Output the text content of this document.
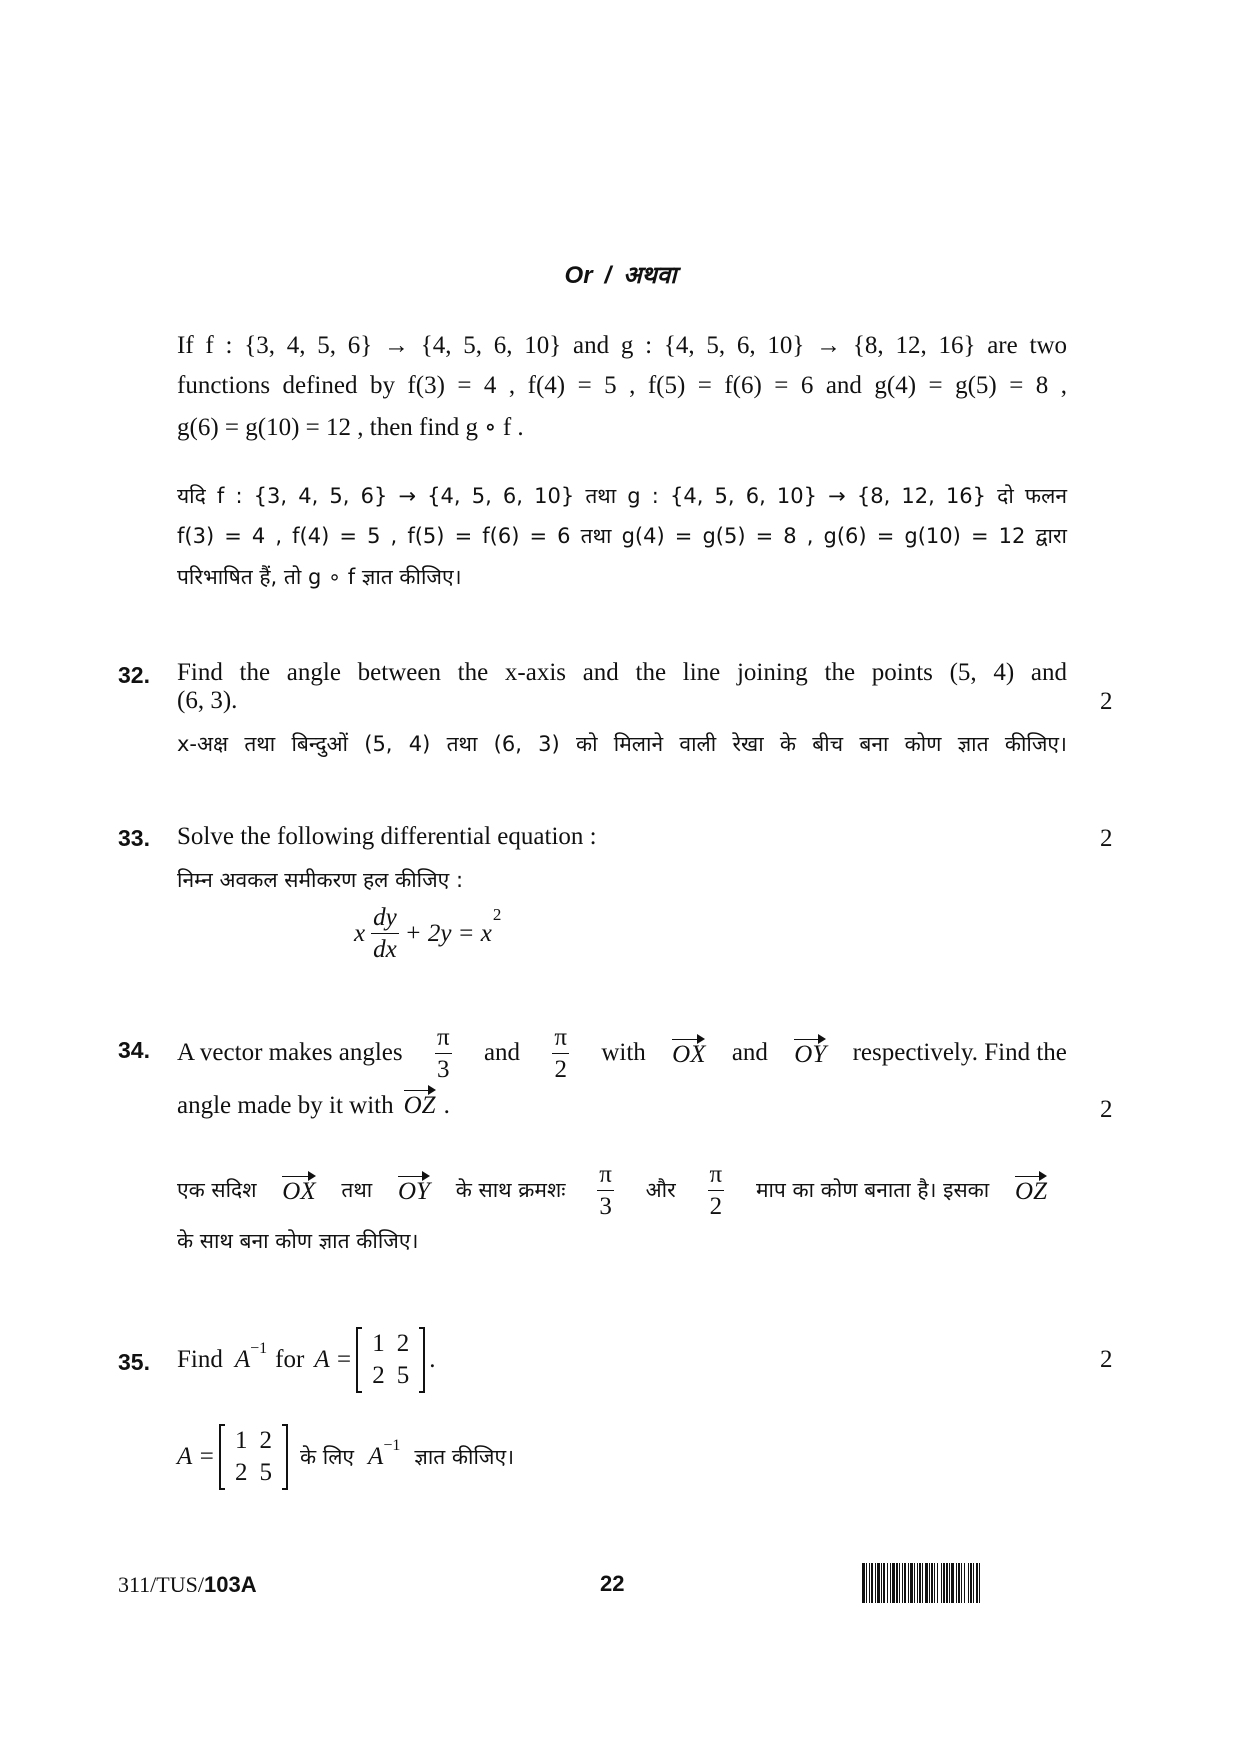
Or / अथवा
If f : {3, 4, 5, 6} → {4, 5, 6, 10} and g : {4, 5, 6, 10} → {8, 12, 16} are two
functions defined by f(3) = 4 , f(4) = 5 , f(5) = f(6) = 6 and g(4) = g(5) = 8 ,
g(6) = g(10) = 12 , then find g ∘ f .
यदि f : {3, 4, 5, 6} → {4, 5, 6, 10} तथा g : {4, 5, 6, 10} → {8, 12, 16} दो फलन
f(3) = 4 , f(4) = 5 , f(5) = f(6) = 6 तथा g(4) = g(5) = 8 , g(6) = g(10) = 12 द्वारा
परिभाषित हैं, तो g ∘ f ज्ञात कीजिए।
32. Find the angle between the x-axis and the line joining the points (5, 4) and
(6, 3).	2
x-अक्ष तथा बिन्दुओं (5, 4) तथा (6, 3) को मिलाने वाली रेखा के बीच बना कोण ज्ञात कीजिए।
33. Solve the following differential equation :	2
निम्न अवकल समीकरण हल कीजिए :
x $\frac{dy}{dx} + 2y = x$
$^2$
34. A vector makes angles $\frac{\pi}{3}$ and $\frac{\pi}{2}$ with OX and OY respectively. Find the
angle made by it with OZ .	2
एक सदिश OX तथा OY के साथ क्रमशः $\frac{\pi}{3}$ और $\frac{\pi}{2}$ माप का कोण बनाता है। इसका OZ
के साथ बना कोण ज्ञात कीजिए।
35. Find $A^{-1}$ for A =
1	2
2	5
.	2
A =
1	2
2	5
के लिए $A^{-1}$ ज्ञात कीजिए।
311/TUS/103A	22
